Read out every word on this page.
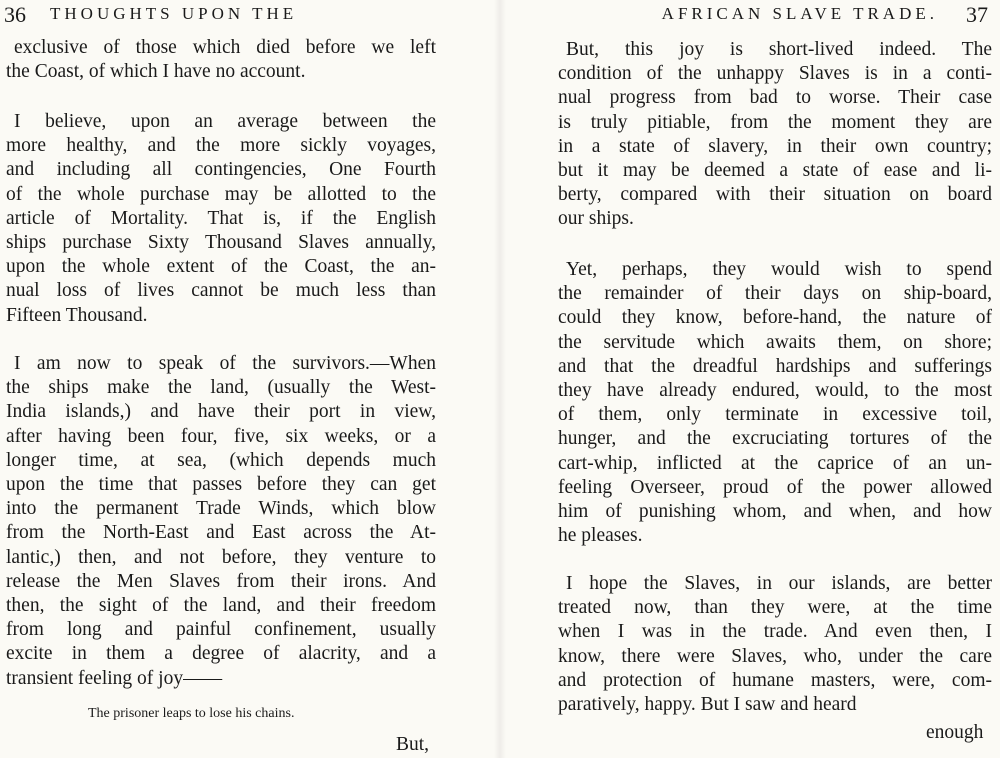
36 THOUGHTS UPON THE
exclusive of those which died before we left
the Coast, of which I have no account.
I believe, upon an average between the
more healthy, and the more sickly voyages,
and including all contingencies, One Fourth
of the whole purchase may be allotted to the
article of Mortality. That is, if the English
ships purchase Sixty Thousand Slaves annually,
upon the whole extent of the Coast, the an-
nual loss of lives cannot be much less than
Fifteen Thousand.
I am now to speak of the survivors.—When
the ships make the land, (usually the West-
India islands,) and have their port in view,
after having been four, five, six weeks, or a
longer time, at sea, (which depends much
upon the time that passes before they can get
into the permanent Trade Winds, which blow
from the North-East and East across the At-
lantic,) then, and not before, they venture to
release the Men Slaves from their irons. And
then, the sight of the land, and their freedom
from long and painful confinement, usually
excite in them a degree of alacrity, and a
transient feeling of joy——
The prisoner leaps to lose his chains.
But,
37
AFRICAN SLAVE TRADE.
But, this joy is short-lived indeed. The
condition of the unhappy Slaves is in a conti-
nual progress from bad to worse. Their case
is truly pitiable, from the moment they are
in a state of slavery, in their own country;
but it may be deemed a state of ease and li-
berty, compared with their situation on board
our ships.
Yet, perhaps, they would wish to spend
the remainder of their days on ship-board,
could they know, before-hand, the nature of
the servitude which awaits them, on shore;
and that the dreadful hardships and sufferings
they have already endured, would, to the most
of them, only terminate in excessive toil,
hunger, and the excruciating tortures of the
cart-whip, inflicted at the caprice of an un-
feeling Overseer, proud of the power allowed
him of punishing whom, and when, and how
he pleases.
I hope the Slaves, in our islands, are better
treated now, than they were, at the time
when I was in the trade. And even then, I
know, there were Slaves, who, under the care
and protection of humane masters, were, com-
paratively, happy. But I saw and heard
enough
